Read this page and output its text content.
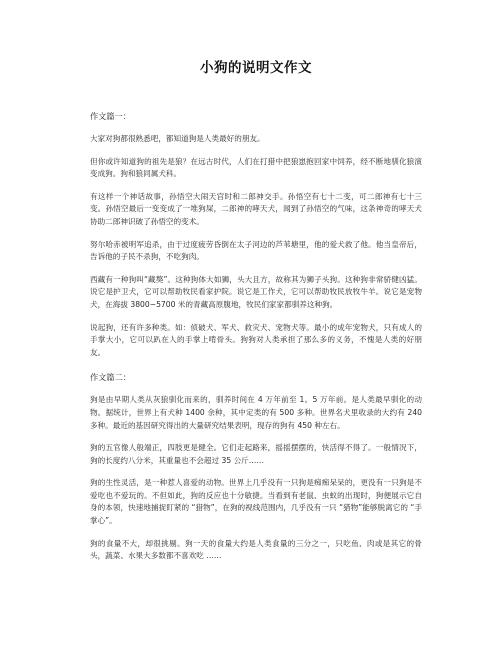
小狗的说明文作文
作文篇一：

大家对狗都很熟悉吧，都知道狗是人类最好的朋友。

但你或许知道狗的祖先是狼？在远古时代，人们在打猎中把狼崽抱回家中饲养，经不断地驯化狼演变成狗。狗和狼同属犬科。

有这样一个神话故事，孙悟空大闹天宫时和二郎神交手。孙悟空有七十二变，可二郎神有七十三变。孙悟空最后一变变成了一堆狗屎，二郎神的哮天犬，闻到了孙悟空的气味，这条神奇的哮天犬协助二郎神识破了孙悟空的变术。

努尔哈赤被明军追杀，由于过度疲劳昏倒在太子河边的芦苇塘里，他的爱犬救了他。他当皇帝后，告诉他的子民不杀狗，不吃狗肉。

西藏有一种狗叫“藏獒”。这种狗体大如狮，头大且方，故称其为狮子头狗。这种狗非常骄健凶猛。说它是护卫犬，它可以帮助牧民看家护院。说它是工作犬，它可以帮助牧民放牧牛羊。说它是宠物犬，在海拔 3800~5700 米的青藏高原腹地，牧民们家家都驯养这种狗。

说起狗，还有许多种类。如：侦破犬、军犬、救灾犬、宠物犬等。最小的成年宠物犬，只有成人的手掌大小，它可以趴在人的手掌上啃骨头。狗狗对人类承担了那么多的义务，不愧是人类的好朋友。

作文篇二：

狗是由早期人类从灰狼驯化而来的，驯养时间在 4 万年前至 1。5 万年前。是人类最早驯化的动物。据统计，世界上有犬种 1400 余种，其中定类的有 500 多种。世界名犬里收录的大约有 240 多种。最近的基因研究得出的大量研究结果表明，现存的狗有 450 种左右。

狗的五官像人般端正，四肢更是健全。它们走起路来，摇摇摆摆的，快活得不得了。一般情况下，狗的长度约八分米，其重量也不会超过 35 公斤……

狗的生性灵活，是一种惹人喜爱的动物。世界上几乎没有一只狗是痴痴呆呆的，更没有一只狗是不爱吃也不爱玩的。不但如此，狗的反应也十分敏捷。当看到有老鼠、虫蚁的出现时，狗便展示它自身的本领，快速地捕捉盯紧的 “猎物”，在狗的视线范围内，几乎没有一只 “猎物”能够脱离它的 “手掌心”。

狗的食量不大，却很挑剔。狗一天的食量大约是人类食量的三分之一，只吃鱼、肉或是其它的骨头，蔬菜、水果大多数都不喜欢吃 ……
